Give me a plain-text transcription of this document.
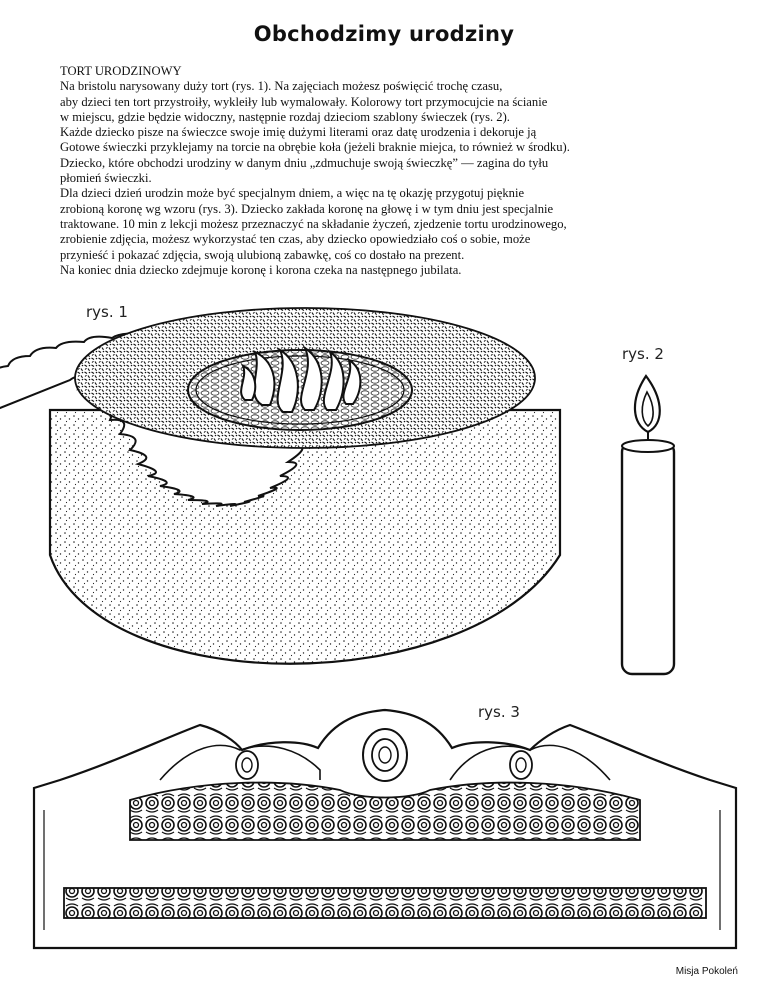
Obchodzimy urodziny
TORT URODZINOWY
Na bristolu narysowany duży tort (rys. 1). Na zajęciach możesz poświęcić trochę czasu,
aby dzieci ten tort przystroiły, wykleiły lub wymalowały. Kolorowy tort przymocujcie na ścianie
w miejscu, gdzie będzie widoczny, następnie rozdaj dzieciom szablony świeczek (rys. 2).
Każde dziecko pisze na świeczce swoje imię dużymi literami oraz datę urodzenia i dekoruje ją
Gotowe świeczki przyklejamy na torcie na obrębie koła (jeżeli braknie miejca, to również w środku).
Dziecko, które obchodzi urodziny w danym dniu „zdmuchuje swoją świeczkę” — zagina do tyłu
płomień świeczki.
Dla dzieci dzień urodzin może być specjalnym dniem, a więc na tę okazję przygotuj pięknie
zrobioną koronę wg wzoru (rys. 3). Dziecko zakłada koronę na głowę i w tym dniu jest specjalnie
traktowane. 10 min z lekcji możesz przeznaczyć na składanie życzeń, zjedzenie tortu urodzinowego,
zrobienie zdjęcia, możesz wykorzystać ten czas, aby dziecko opowiedziało coś o sobie, może
przynieść i pokazać zdjęcia, swoją ulubioną zabawkę, coś co dostało na prezent.
Na koniec dnia dziecko zdejmuje koronę i korona czeka na następnego jubilata.
rys. 1
rys. 2
rys. 3
Misja Pokoleń
